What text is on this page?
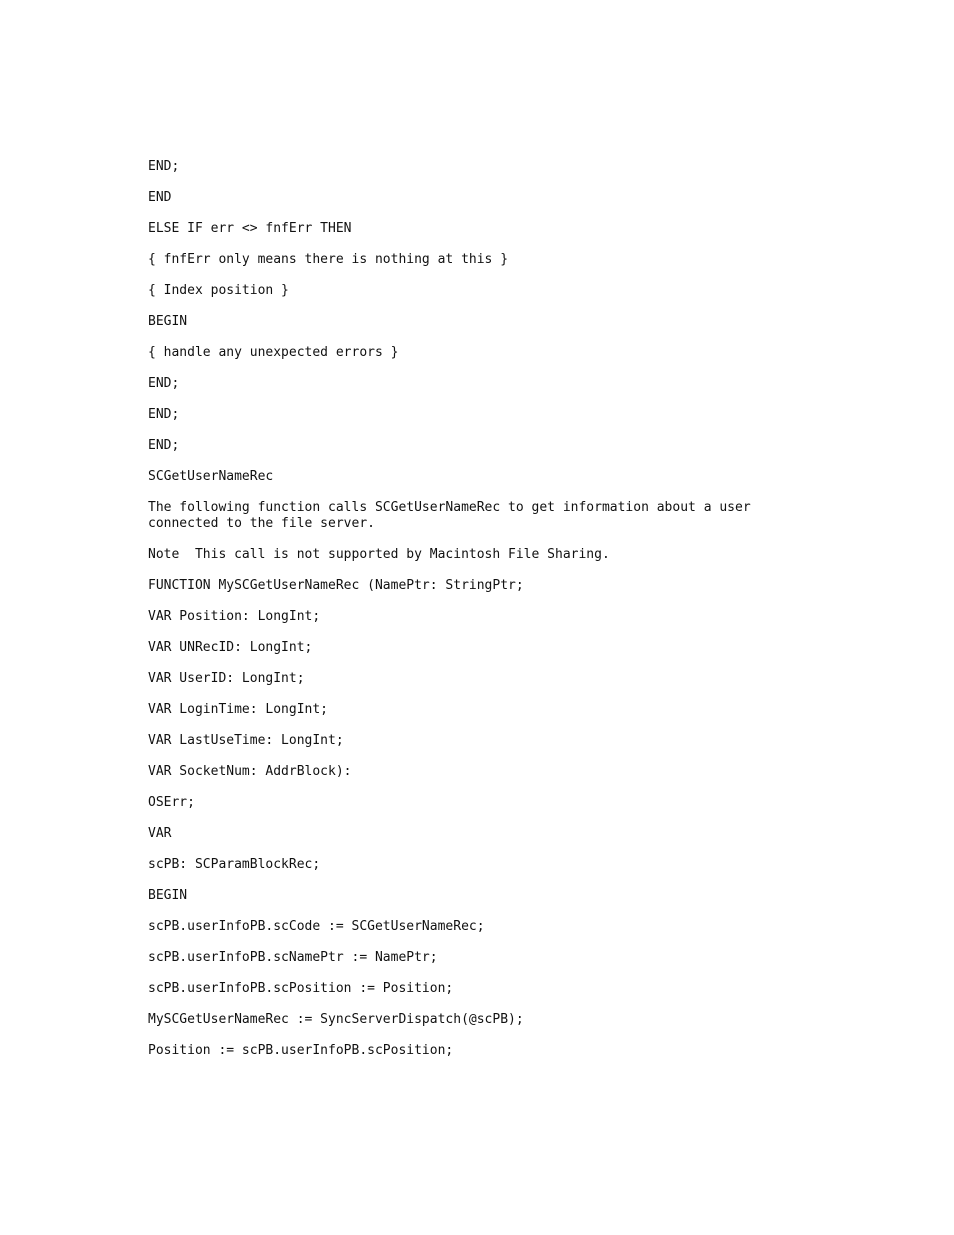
END;
END
ELSE IF err <> fnfErr THEN
{ fnfErr only means there is nothing at this }
{ Index position }
BEGIN
{ handle any unexpected errors }
END;
END;
END;
SCGetUserNameRec
The following function calls SCGetUserNameRec to get information about a user connected to the file server.
Note  This call is not supported by Macintosh File Sharing.
FUNCTION MySCGetUserNameRec (NamePtr: StringPtr;
VAR Position: LongInt;
VAR UNRecID: LongInt;
VAR UserID: LongInt;
VAR LoginTime: LongInt;
VAR LastUseTime: LongInt;
VAR SocketNum: AddrBlock):
OSErr;
VAR
scPB: SCParamBlockRec;
BEGIN
scPB.userInfoPB.scCode := SCGetUserNameRec;
scPB.userInfoPB.scNamePtr := NamePtr;
scPB.userInfoPB.scPosition := Position;
MySCGetUserNameRec := SyncServerDispatch(@scPB);
Position := scPB.userInfoPB.scPosition;
